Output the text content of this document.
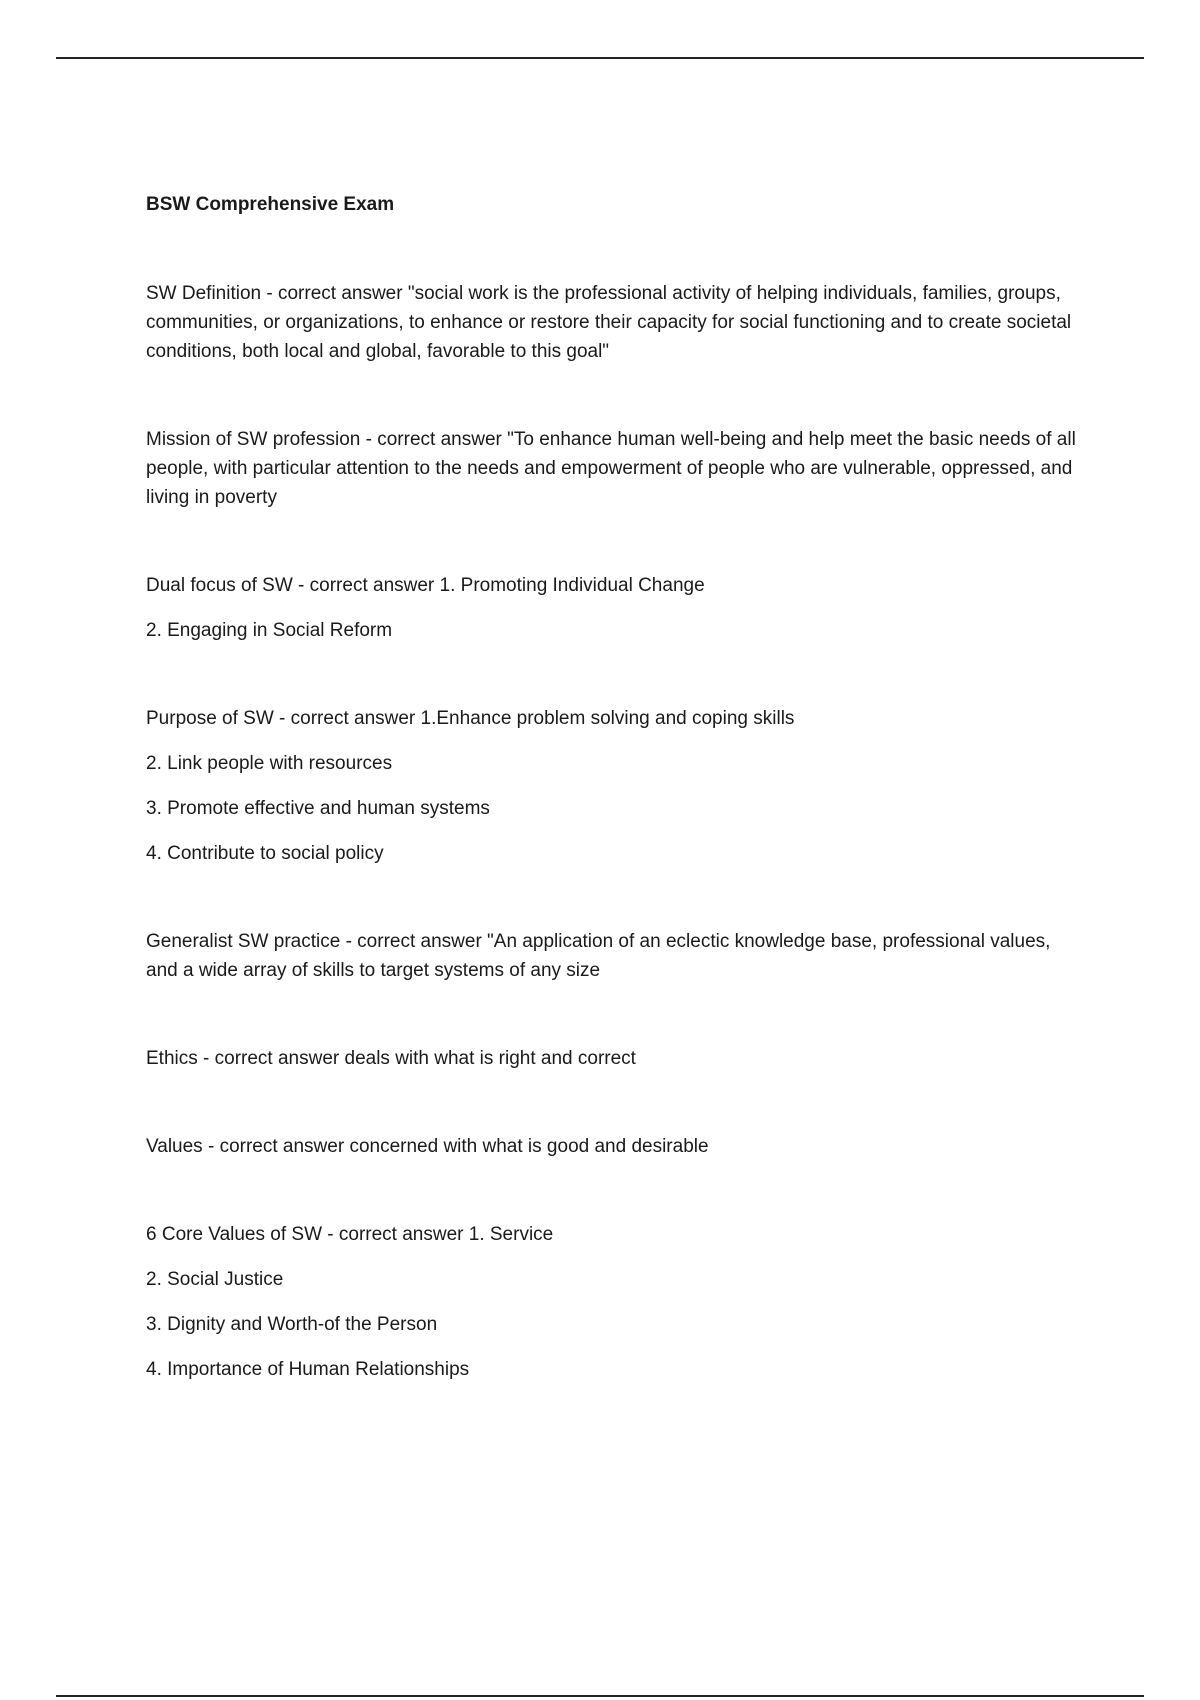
BSW Comprehensive Exam

SW Definition - correct answer "social work is the professional activity of helping individuals, families, groups, communities, or organizations, to enhance or restore their capacity for social functioning and to create societal conditions, both local and global, favorable to this goal"

Mission of SW profession - correct answer "To enhance human well-being and help meet the basic needs of all people, with particular attention to the needs and empowerment of people who are vulnerable, oppressed, and living in poverty

Dual focus of SW - correct answer 1. Promoting Individual Change

2. Engaging in Social Reform

Purpose of SW - correct answer 1.Enhance problem solving and coping skills

2. Link people with resources

3. Promote effective and human systems

4. Contribute to social policy

Generalist SW practice - correct answer "An application of an eclectic knowledge base, professional values, and a wide array of skills to target systems of any size

Ethics - correct answer deals with what is right and correct

Values - correct answer concerned with what is good and desirable

6 Core Values of SW - correct answer 1. Service

2. Social Justice

3. Dignity and Worth-of the Person

4. Importance of Human Relationships
